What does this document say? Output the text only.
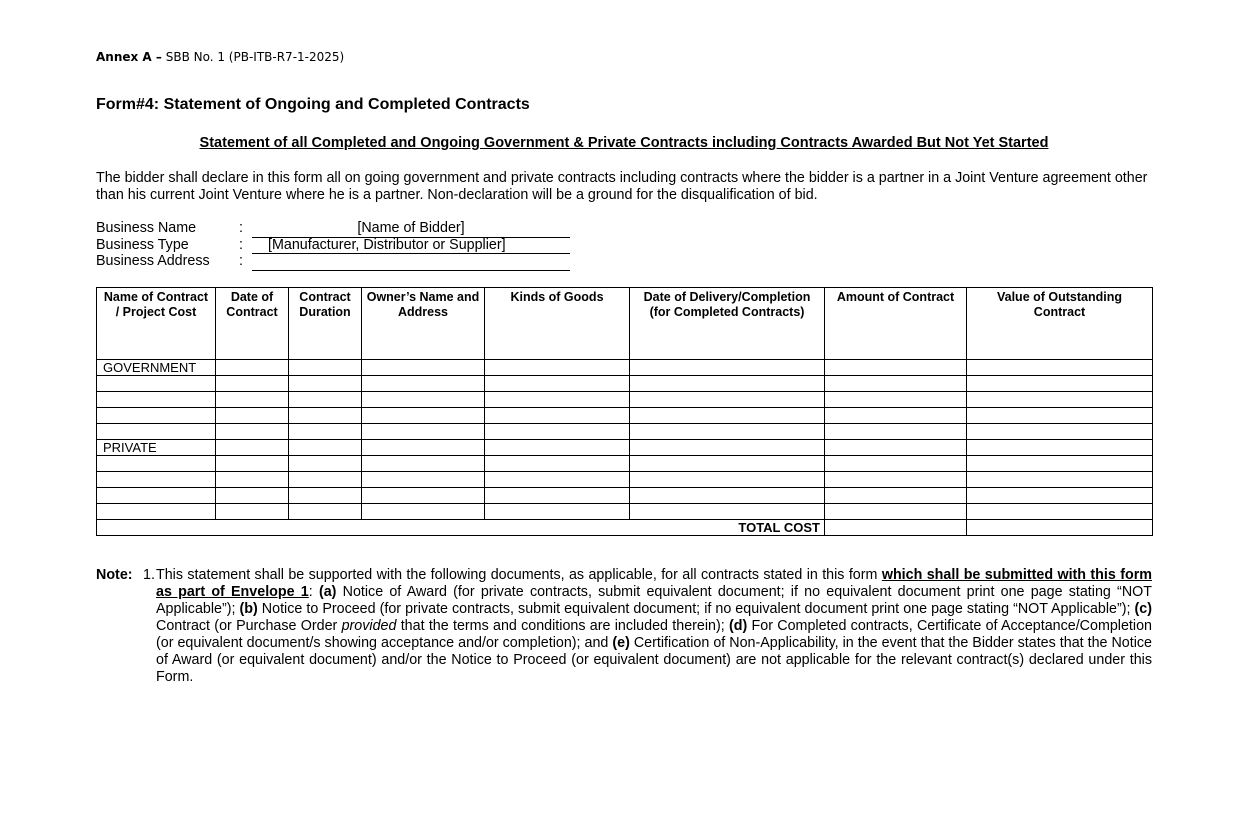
Annex A – SBB No. 1 (PB-ITB-R7-1-2025)
Form#4: Statement of Ongoing and Completed Contracts
Statement of all Completed and Ongoing Government & Private Contracts including Contracts Awarded But Not Yet Started
The bidder shall declare in this form all on going government and private contracts including contracts where the bidder is a partner in a Joint Venture agreement other than his current Joint Venture where he is a partner. Non-declaration will be a ground for the disqualification of bid.
Business Name	:	[Name of Bidder]
Business Type	:	[Manufacturer, Distributor or Supplier]
Business Address :
Name of Contract / Project Cost	Date of Contract	Contract Duration	Owner’s Name and Address	Kinds of Goods	Date of Delivery/Completion (for Completed Contracts)	Amount of Contract	Value of Outstanding Contract
GOVERNMENT							

PRIVATE							

TOTAL COST							
Note: 1. This statement shall be supported with the following documents, as applicable, for all contracts stated in this form which shall be submitted with this form as part of Envelope 1: (a) Notice of Award (for private contracts, submit equivalent document; if no equivalent document print one page stating “NOT Applicable”); (b) Notice to Proceed (for private contracts, submit equivalent document; if no equivalent document print one page stating “NOT Applicable”); (c) Contract (or Purchase Order provided that the terms and conditions are included therein); (d) For Completed contracts, Certificate of Acceptance/Completion (or equivalent document/s showing acceptance and/or completion); and (e) Certification of Non-Applicability, in the event that the Bidder states that the Notice of Award (or equivalent document) and/or the Notice to Proceed (or equivalent document) are not applicable for the relevant contract(s) declared under this Form.
